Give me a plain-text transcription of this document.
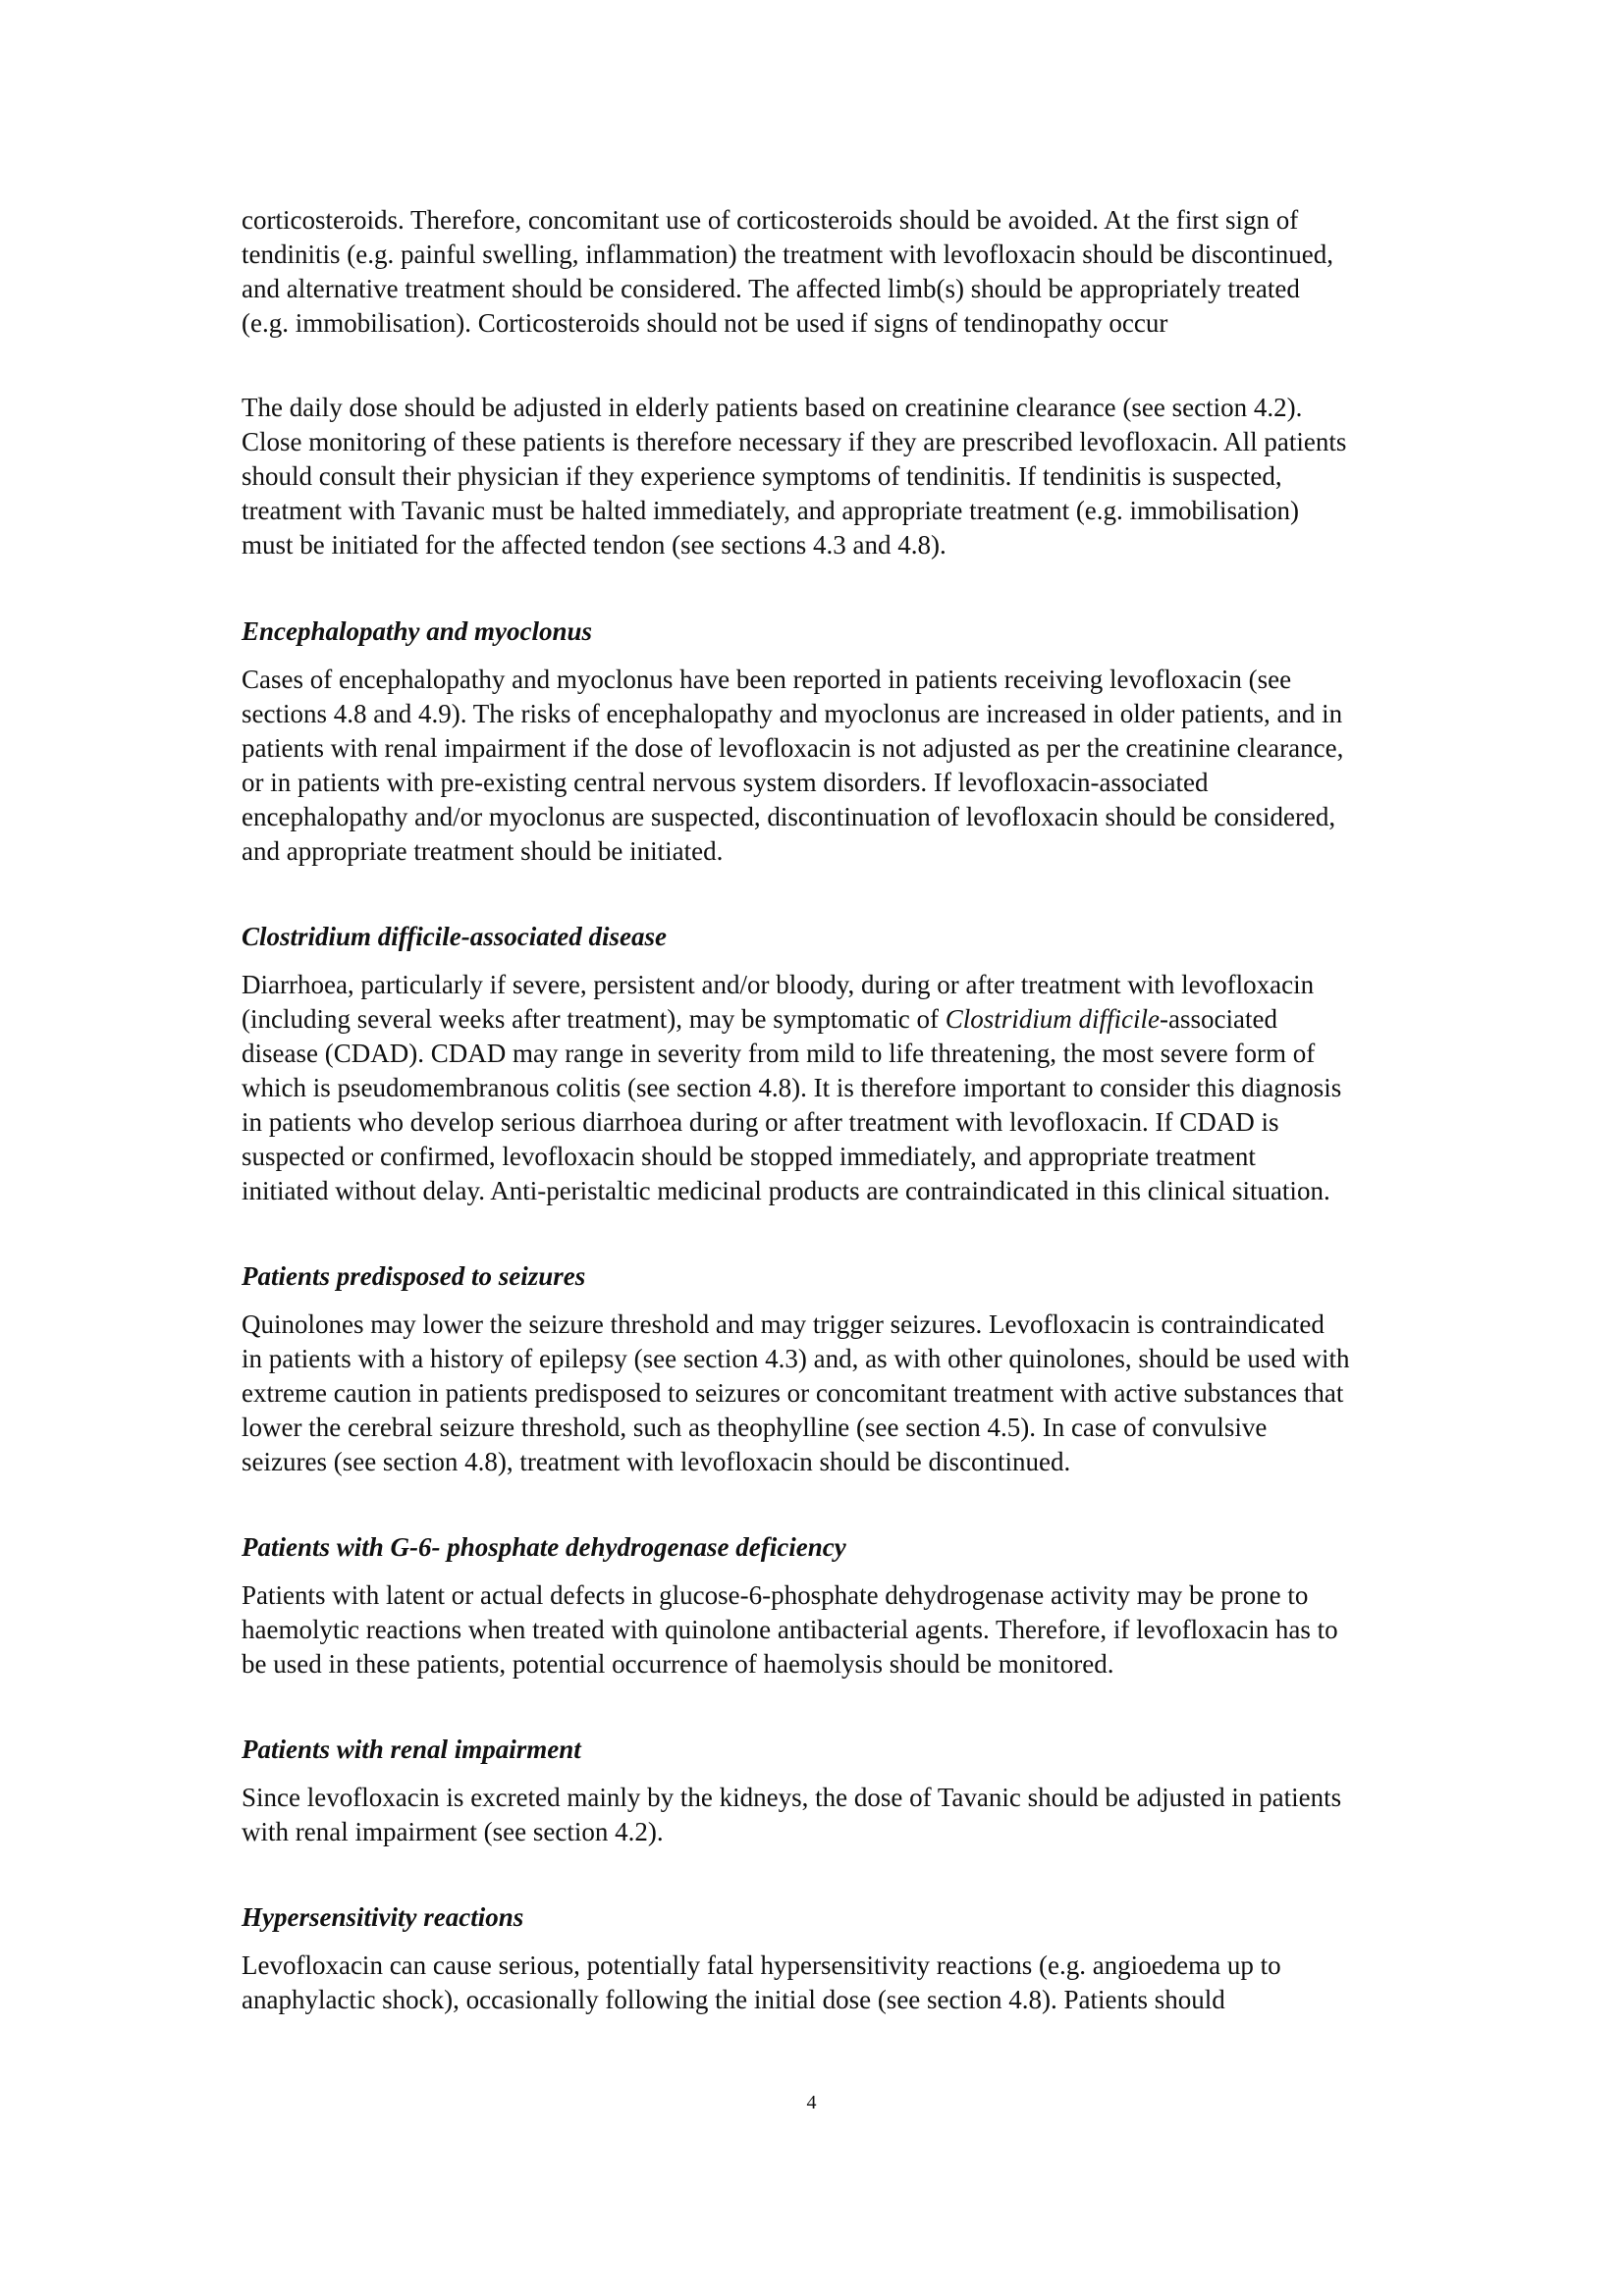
corticosteroids. Therefore, concomitant use of corticosteroids should be avoided. At the first sign of
tendinitis (e.g. painful swelling, inflammation) the treatment with levofloxacin should be discontinued,
and alternative treatment should be considered. The affected limb(s) should be appropriately treated
(e.g. immobilisation). Corticosteroids should not be used if signs of tendinopathy occur
The daily dose should be adjusted in elderly patients based on creatinine clearance (see section 4.2).
Close monitoring of these patients is therefore necessary if they are prescribed levofloxacin. All patients
should consult their physician if they experience symptoms of tendinitis. If tendinitis is suspected,
treatment with Tavanic must be halted immediately, and appropriate treatment (e.g. immobilisation)
must be initiated for the affected tendon (see sections 4.3 and 4.8).
Encephalopathy and myoclonus
Cases of encephalopathy and myoclonus have been reported in patients receiving levofloxacin (see
sections 4.8 and 4.9). The risks of encephalopathy and myoclonus are increased in older patients, and in
patients with renal impairment if the dose of levofloxacin is not adjusted as per the creatinine clearance,
or in patients with pre-existing central nervous system disorders. If levofloxacin-associated
encephalopathy and/or myoclonus are suspected, discontinuation of levofloxacin should be considered,
and appropriate treatment should be initiated.
Clostridium difficile-associated disease
Diarrhoea, particularly if severe, persistent and/or bloody, during or after treatment with levofloxacin
(including several weeks after treatment), may be symptomatic of Clostridium difficile-associated
disease (CDAD). CDAD may range in severity from mild to life threatening, the most severe form of
which is pseudomembranous colitis (see section 4.8). It is therefore important to consider this diagnosis
in patients who develop serious diarrhoea during or after treatment with levofloxacin. If CDAD is
suspected or confirmed, levofloxacin should be stopped immediately, and appropriate treatment
initiated without delay. Anti-peristaltic medicinal products are contraindicated in this clinical situation.
Patients predisposed to seizures
Quinolones may lower the seizure threshold and may trigger seizures. Levofloxacin is contraindicated
in patients with a history of epilepsy (see section 4.3) and, as with other quinolones, should be used with
extreme caution in patients predisposed to seizures or concomitant treatment with active substances that
lower the cerebral seizure threshold, such as theophylline (see section 4.5). In case of convulsive
seizures (see section 4.8), treatment with levofloxacin should be discontinued.
Patients with G-6- phosphate dehydrogenase deficiency
Patients with latent or actual defects in glucose-6-phosphate dehydrogenase activity may be prone to
haemolytic reactions when treated with quinolone antibacterial agents. Therefore, if levofloxacin has to
be used in these patients, potential occurrence of haemolysis should be monitored.
Patients with renal impairment
Since levofloxacin is excreted mainly by the kidneys, the dose of Tavanic should be adjusted in patients
with renal impairment (see section 4.2).
Hypersensitivity reactions
Levofloxacin can cause serious, potentially fatal hypersensitivity reactions (e.g. angioedema up to
anaphylactic shock), occasionally following the initial dose (see section 4.8). Patients should
4
